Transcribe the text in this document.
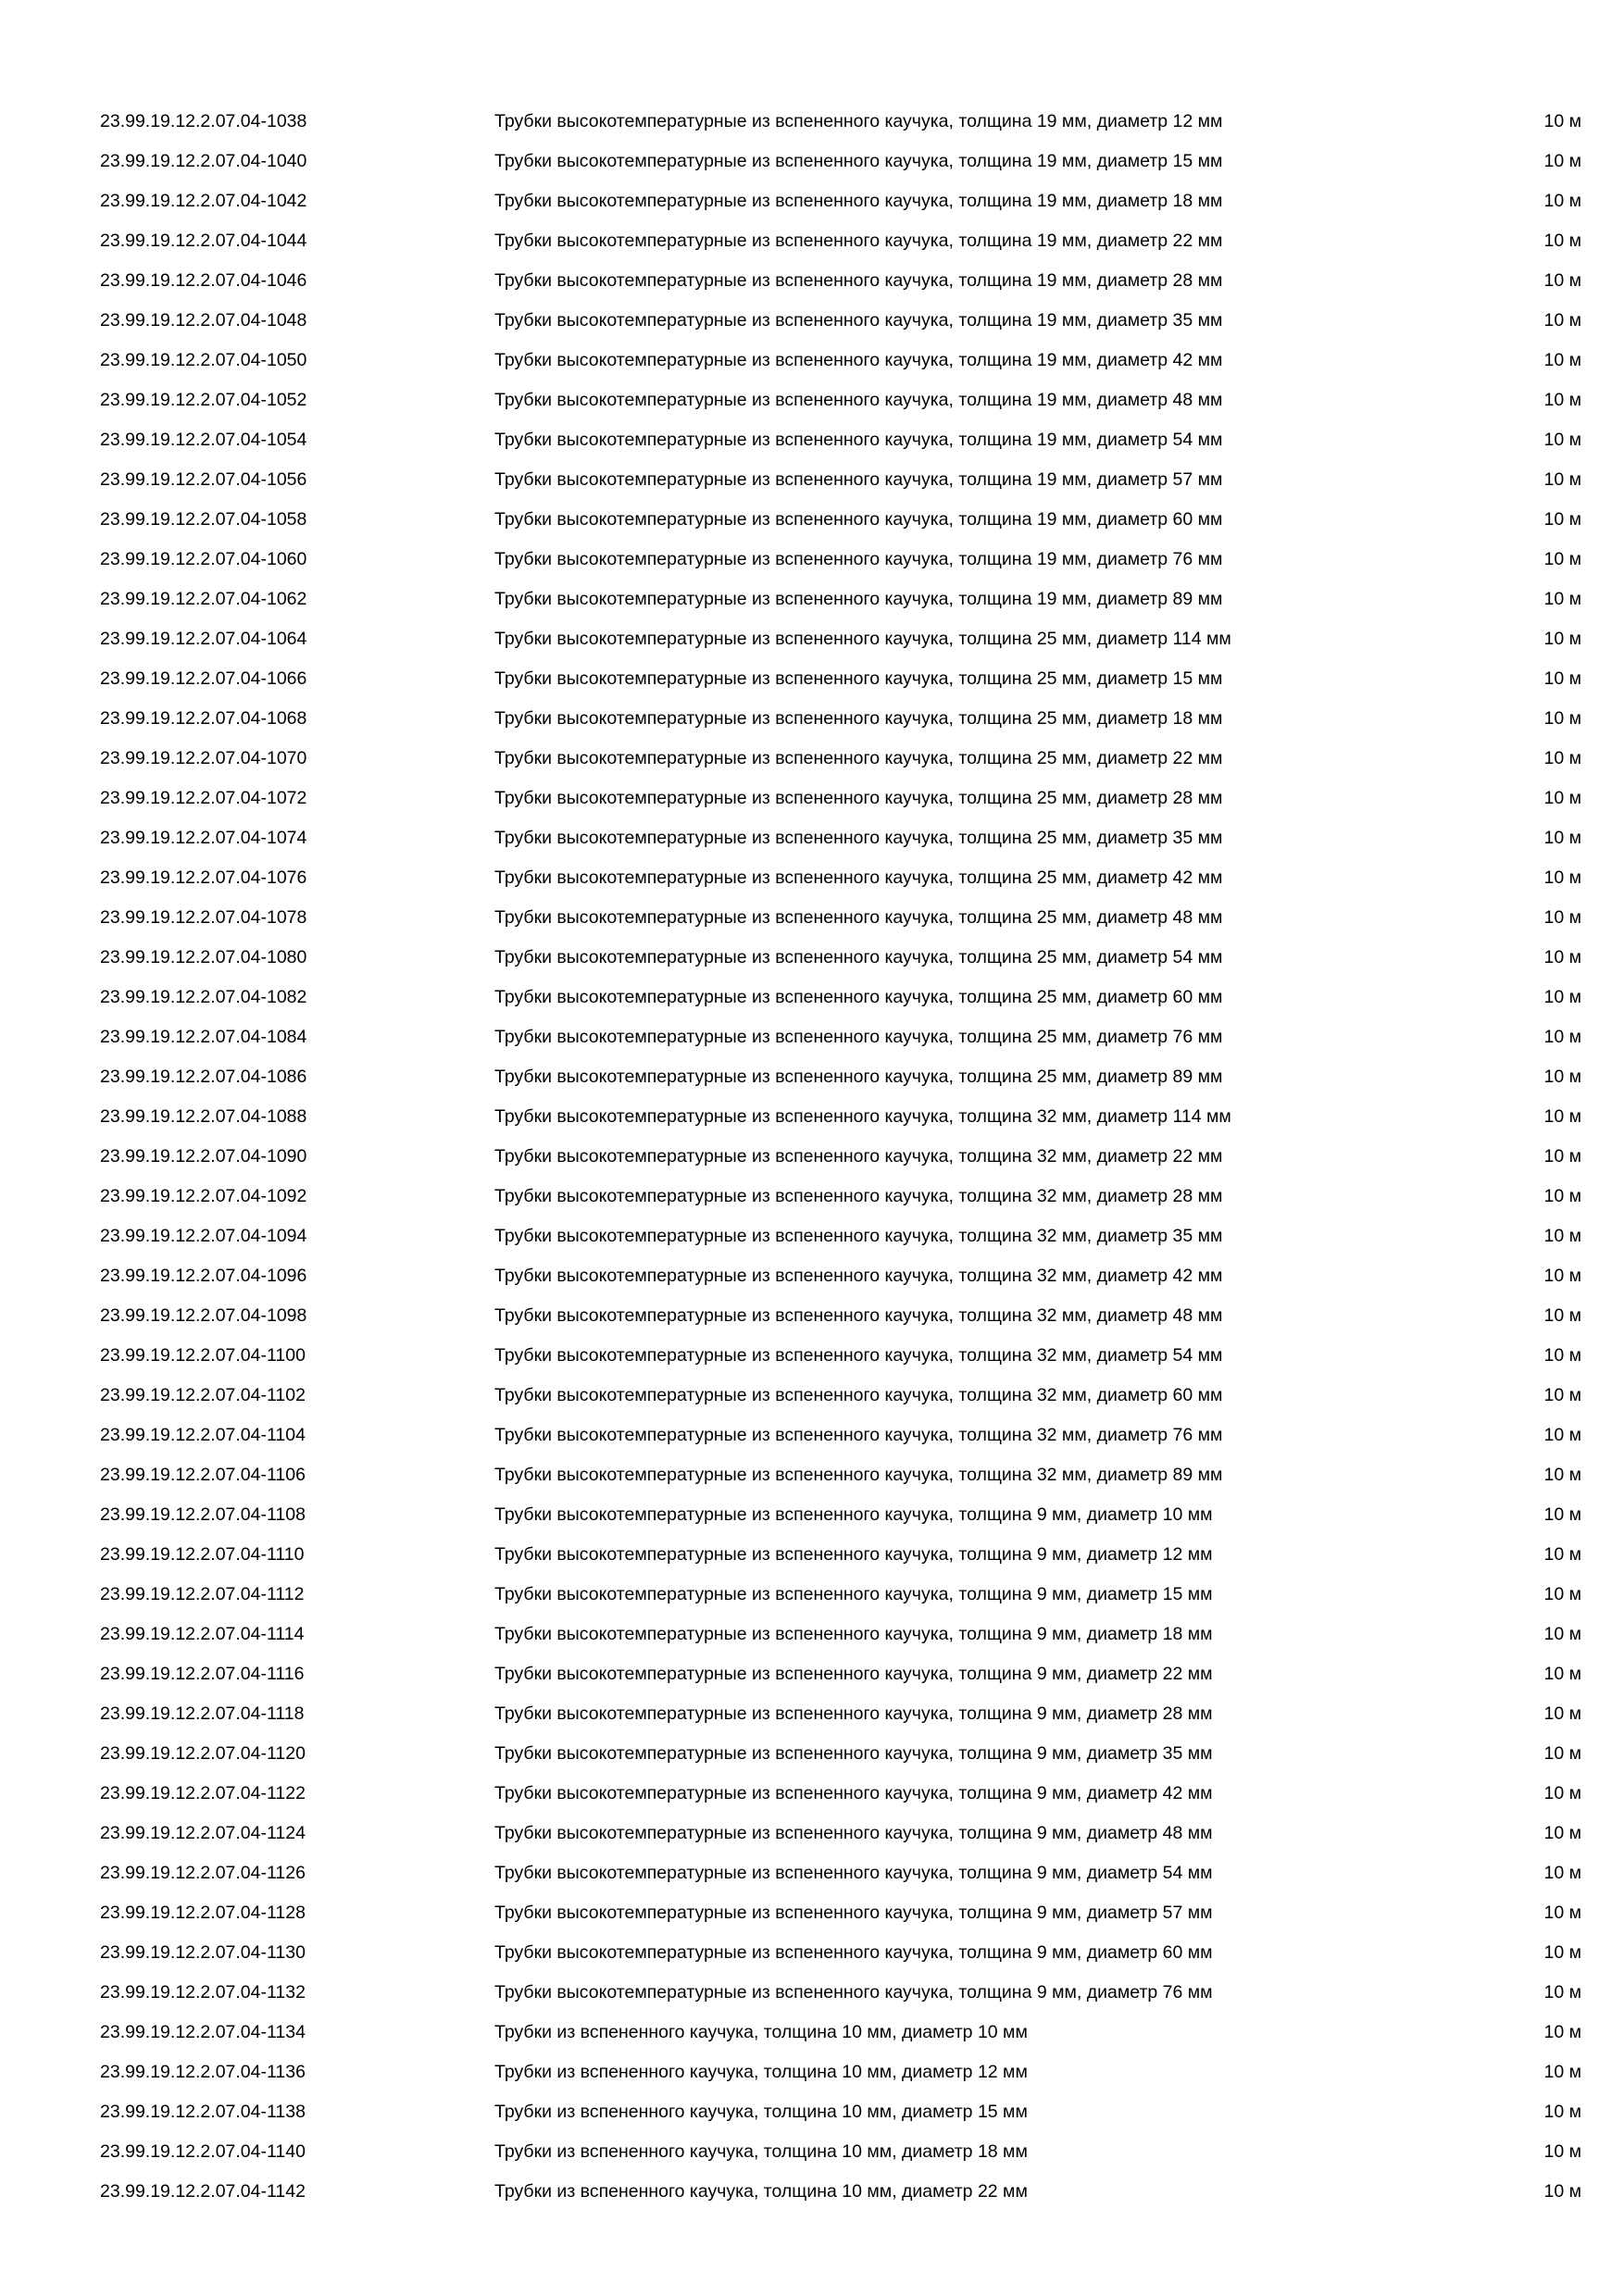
23.99.19.12.2.07.04-1038	Трубки высокотемпературные из вспененного каучука, толщина 19 мм, диаметр 12 мм	10 м
23.99.19.12.2.07.04-1040	Трубки высокотемпературные из вспененного каучука, толщина 19 мм, диаметр 15 мм	10 м
23.99.19.12.2.07.04-1042	Трубки высокотемпературные из вспененного каучука, толщина 19 мм, диаметр 18 мм	10 м
23.99.19.12.2.07.04-1044	Трубки высокотемпературные из вспененного каучука, толщина 19 мм, диаметр 22 мм	10 м
23.99.19.12.2.07.04-1046	Трубки высокотемпературные из вспененного каучука, толщина 19 мм, диаметр 28 мм	10 м
23.99.19.12.2.07.04-1048	Трубки высокотемпературные из вспененного каучука, толщина 19 мм, диаметр 35 мм	10 м
23.99.19.12.2.07.04-1050	Трубки высокотемпературные из вспененного каучука, толщина 19 мм, диаметр 42 мм	10 м
23.99.19.12.2.07.04-1052	Трубки высокотемпературные из вспененного каучука, толщина 19 мм, диаметр 48 мм	10 м
23.99.19.12.2.07.04-1054	Трубки высокотемпературные из вспененного каучука, толщина 19 мм, диаметр 54 мм	10 м
23.99.19.12.2.07.04-1056	Трубки высокотемпературные из вспененного каучука, толщина 19 мм, диаметр 57 мм	10 м
23.99.19.12.2.07.04-1058	Трубки высокотемпературные из вспененного каучука, толщина 19 мм, диаметр 60 мм	10 м
23.99.19.12.2.07.04-1060	Трубки высокотемпературные из вспененного каучука, толщина 19 мм, диаметр 76 мм	10 м
23.99.19.12.2.07.04-1062	Трубки высокотемпературные из вспененного каучука, толщина 19 мм, диаметр 89 мм	10 м
23.99.19.12.2.07.04-1064	Трубки высокотемпературные из вспененного каучука, толщина 25 мм, диаметр 114 мм	10 м
23.99.19.12.2.07.04-1066	Трубки высокотемпературные из вспененного каучука, толщина 25 мм, диаметр 15 мм	10 м
23.99.19.12.2.07.04-1068	Трубки высокотемпературные из вспененного каучука, толщина 25 мм, диаметр 18 мм	10 м
23.99.19.12.2.07.04-1070	Трубки высокотемпературные из вспененного каучука, толщина 25 мм, диаметр 22 мм	10 м
23.99.19.12.2.07.04-1072	Трубки высокотемпературные из вспененного каучука, толщина 25 мм, диаметр 28 мм	10 м
23.99.19.12.2.07.04-1074	Трубки высокотемпературные из вспененного каучука, толщина 25 мм, диаметр 35 мм	10 м
23.99.19.12.2.07.04-1076	Трубки высокотемпературные из вспененного каучука, толщина 25 мм, диаметр 42 мм	10 м
23.99.19.12.2.07.04-1078	Трубки высокотемпературные из вспененного каучука, толщина 25 мм, диаметр 48 мм	10 м
23.99.19.12.2.07.04-1080	Трубки высокотемпературные из вспененного каучука, толщина 25 мм, диаметр 54 мм	10 м
23.99.19.12.2.07.04-1082	Трубки высокотемпературные из вспененного каучука, толщина 25 мм, диаметр 60 мм	10 м
23.99.19.12.2.07.04-1084	Трубки высокотемпературные из вспененного каучука, толщина 25 мм, диаметр 76 мм	10 м
23.99.19.12.2.07.04-1086	Трубки высокотемпературные из вспененного каучука, толщина 25 мм, диаметр 89 мм	10 м
23.99.19.12.2.07.04-1088	Трубки высокотемпературные из вспененного каучука, толщина 32 мм, диаметр 114 мм	10 м
23.99.19.12.2.07.04-1090	Трубки высокотемпературные из вспененного каучука, толщина 32 мм, диаметр 22 мм	10 м
23.99.19.12.2.07.04-1092	Трубки высокотемпературные из вспененного каучука, толщина 32 мм, диаметр 28 мм	10 м
23.99.19.12.2.07.04-1094	Трубки высокотемпературные из вспененного каучука, толщина 32 мм, диаметр 35 мм	10 м
23.99.19.12.2.07.04-1096	Трубки высокотемпературные из вспененного каучука, толщина 32 мм, диаметр 42 мм	10 м
23.99.19.12.2.07.04-1098	Трубки высокотемпературные из вспененного каучука, толщина 32 мм, диаметр 48 мм	10 м
23.99.19.12.2.07.04-1100	Трубки высокотемпературные из вспененного каучука, толщина 32 мм, диаметр 54 мм	10 м
23.99.19.12.2.07.04-1102	Трубки высокотемпературные из вспененного каучука, толщина 32 мм, диаметр 60 мм	10 м
23.99.19.12.2.07.04-1104	Трубки высокотемпературные из вспененного каучука, толщина 32 мм, диаметр 76 мм	10 м
23.99.19.12.2.07.04-1106	Трубки высокотемпературные из вспененного каучука, толщина 32 мм, диаметр 89 мм	10 м
23.99.19.12.2.07.04-1108	Трубки высокотемпературные из вспененного каучука, толщина 9 мм, диаметр 10 мм	10 м
23.99.19.12.2.07.04-1110	Трубки высокотемпературные из вспененного каучука, толщина 9 мм, диаметр 12 мм	10 м
23.99.19.12.2.07.04-1112	Трубки высокотемпературные из вспененного каучука, толщина 9 мм, диаметр 15 мм	10 м
23.99.19.12.2.07.04-1114	Трубки высокотемпературные из вспененного каучука, толщина 9 мм, диаметр 18 мм	10 м
23.99.19.12.2.07.04-1116	Трубки высокотемпературные из вспененного каучука, толщина 9 мм, диаметр 22 мм	10 м
23.99.19.12.2.07.04-1118	Трубки высокотемпературные из вспененного каучука, толщина 9 мм, диаметр 28 мм	10 м
23.99.19.12.2.07.04-1120	Трубки высокотемпературные из вспененного каучука, толщина 9 мм, диаметр 35 мм	10 м
23.99.19.12.2.07.04-1122	Трубки высокотемпературные из вспененного каучука, толщина 9 мм, диаметр 42 мм	10 м
23.99.19.12.2.07.04-1124	Трубки высокотемпературные из вспененного каучука, толщина 9 мм, диаметр 48 мм	10 м
23.99.19.12.2.07.04-1126	Трубки высокотемпературные из вспененного каучука, толщина 9 мм, диаметр 54 мм	10 м
23.99.19.12.2.07.04-1128	Трубки высокотемпературные из вспененного каучука, толщина 9 мм, диаметр 57 мм	10 м
23.99.19.12.2.07.04-1130	Трубки высокотемпературные из вспененного каучука, толщина 9 мм, диаметр 60 мм	10 м
23.99.19.12.2.07.04-1132	Трубки высокотемпературные из вспененного каучука, толщина 9 мм, диаметр 76 мм	10 м
23.99.19.12.2.07.04-1134	Трубки из вспененного каучука, толщина 10 мм, диаметр 10 мм	10 м
23.99.19.12.2.07.04-1136	Трубки из вспененного каучука, толщина 10 мм, диаметр 12 мм	10 м
23.99.19.12.2.07.04-1138	Трубки из вспененного каучука, толщина 10 мм, диаметр 15 мм	10 м
23.99.19.12.2.07.04-1140	Трубки из вспененного каучука, толщина 10 мм, диаметр 18 мм	10 м
23.99.19.12.2.07.04-1142	Трубки из вспененного каучука, толщина 10 мм, диаметр 22 мм	10 м
